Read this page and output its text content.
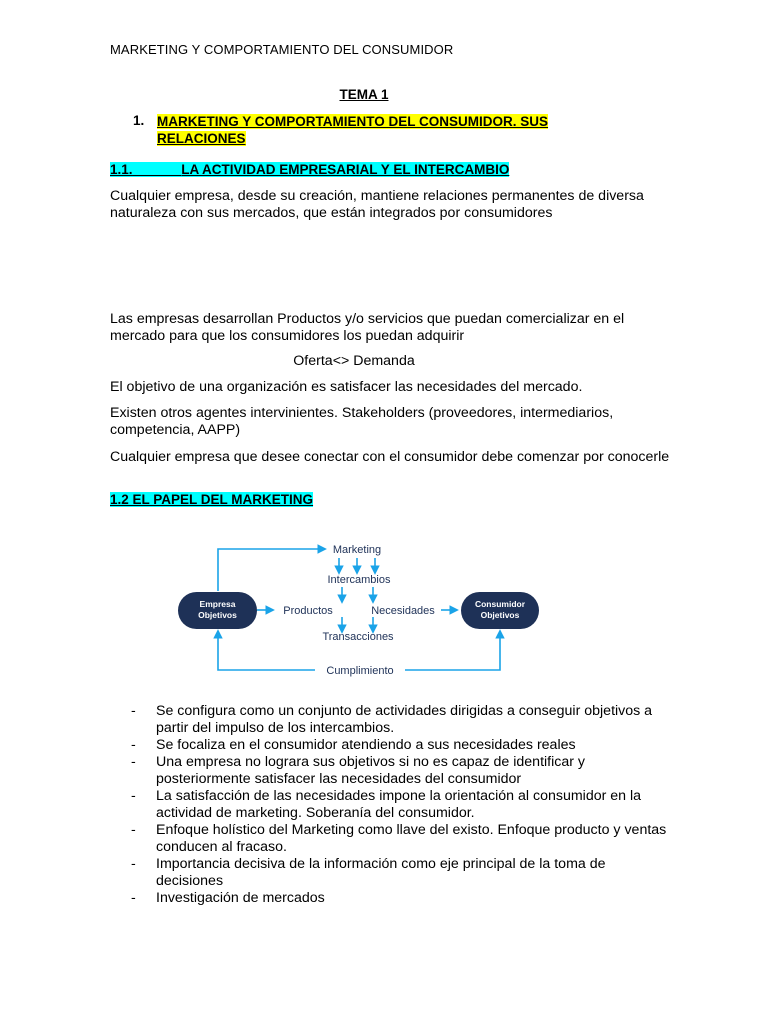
MARKETING Y COMPORTAMIENTO DEL CONSUMIDOR
TEMA 1
1. MARKETING Y COMPORTAMIENTO DEL CONSUMIDOR. SUS
RELACIONES
1.1.	LA ACTIVIDAD EMPRESARIAL Y EL INTERCAMBIO
Cualquier empresa, desde su creación, mantiene relaciones permanentes de diversa naturaleza con sus mercados, que están integrados por consumidores
Las empresas desarrollan Productos y/o servicios que puedan comercializar en el mercado para que los consumidores los puedan adquirir
Oferta<> Demanda
El objetivo de una organización es satisfacer las necesidades del mercado.
Existen otros agentes intervinientes. Stakeholders (proveedores, intermediarios, competencia, AAPP)
Cualquier empresa que desee conectar con el consumidor debe comenzar por conocerle
1.2 EL PAPEL DEL MARKETING
Empresa
Objetivos
Consumidor
Objetivos
Marketing
Intercambios
Productos	Necesidades
Transacciones
Cumplimiento
- Se configura como un conjunto de actividades dirigidas a conseguir objetivos a partir del impulso de los intercambios.
- Se focaliza en el consumidor atendiendo a sus necesidades reales
- Una empresa no lograra sus objetivos si no es capaz de identificar y posteriormente satisfacer las necesidades del consumidor
- La satisfacción de las necesidades impone la orientación al consumidor en la actividad de marketing. Soberanía del consumidor.
- Enfoque holístico del Marketing como llave del existo. Enfoque producto y ventas conducen al fracaso.
- Importancia decisiva de la información como eje principal de la toma de decisiones
- Investigación de mercados
